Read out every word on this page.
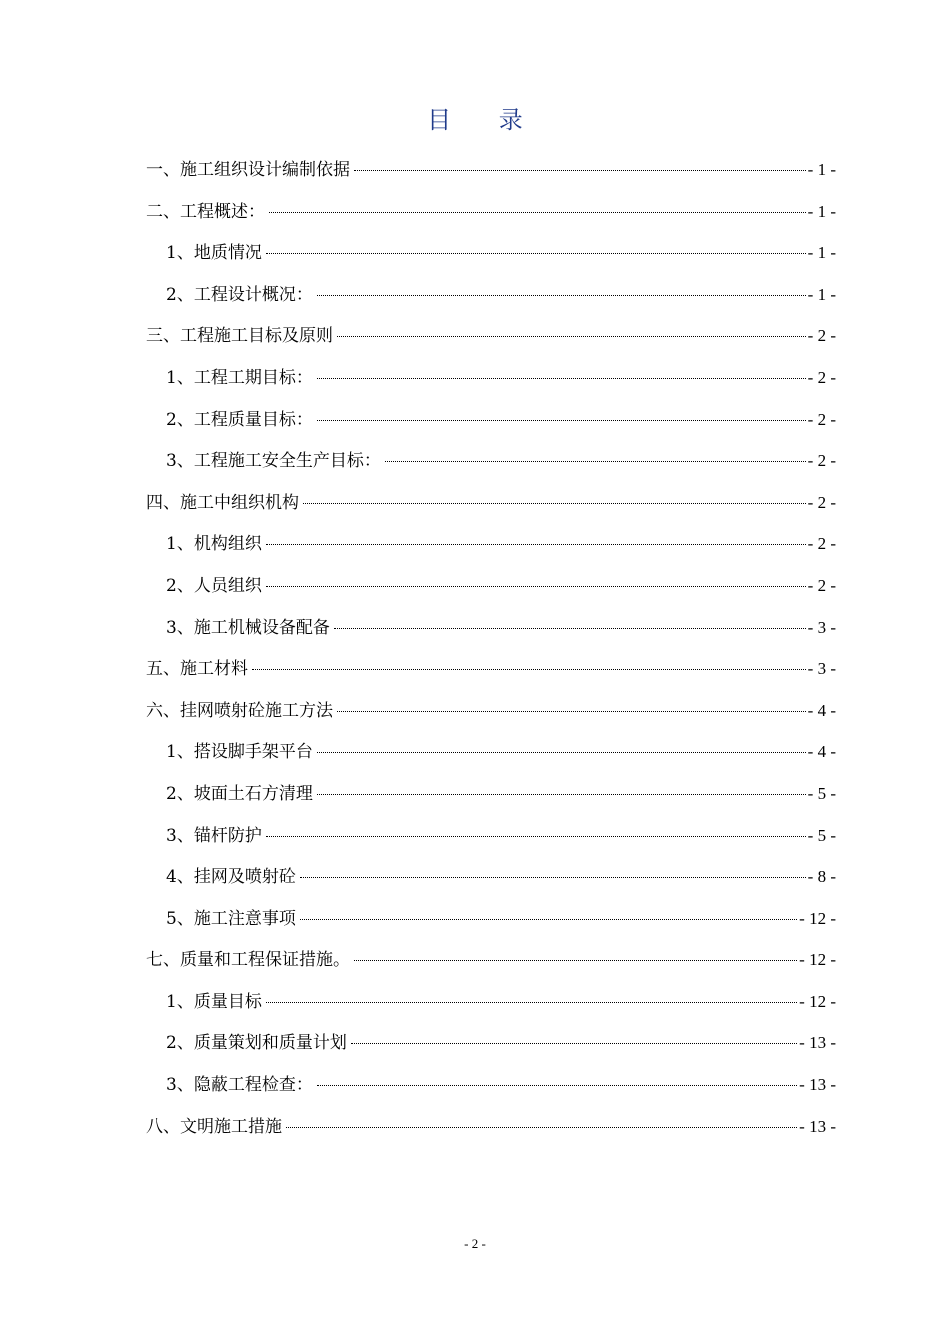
目 录
一、施工组织设计编制依据	- 1 -
二、工程概述：	- 1 -
1、地质情况	- 1 -
2、工程设计概况：	- 1 -
三、工程施工目标及原则	- 2 -
1、工程工期目标：	- 2 -
2、工程质量目标：	- 2 -
3、工程施工安全生产目标：	- 2 -
四、施工中组织机构	- 2 -
1、机构组织	- 2 -
2、人员组织	- 2 -
3、施工机械设备配备	- 3 -
五、施工材料	- 3 -
六、挂网喷射砼施工方法	- 4 -
1、搭设脚手架平台	- 4 -
2、坡面土石方清理	- 5 -
3、锚杆防护	- 5 -
4、挂网及喷射砼	- 8 -
5、施工注意事项	- 12 -
七、质量和工程保证措施。	- 12 -
1、质量目标	- 12 -
2、质量策划和质量计划	- 13 -
3、隐蔽工程检查：	- 13 -
八、文明施工措施	- 13 -
- 2 -
